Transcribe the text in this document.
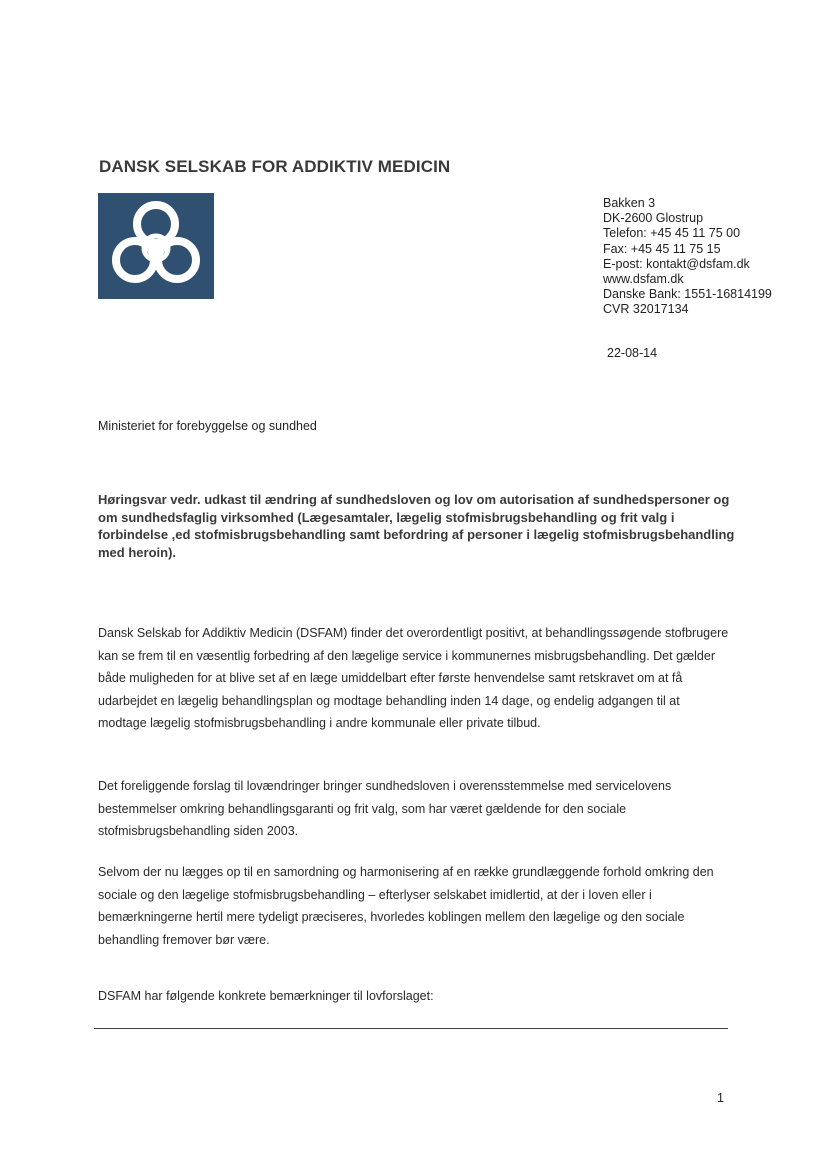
DANSK SELSKAB FOR ADDIKTIV MEDICIN
Bakken 3
DK-2600 Glostrup
Telefon: +45 45 11 75 00
Fax: +45 45 11 75 15
E-post: kontakt@dsfam.dk
www.dsfam.dk
Danske Bank: 1551-16814199
CVR 32017134
22-08-14
Ministeriet for forebyggelse og sundhed

Høringsvar vedr. udkast til ændring af sundhedsloven og lov om autorisation af sundhedspersoner og om sundhedsfaglig virksomhed (Lægesamtaler, lægelig stofmisbrugsbehandling og frit valg i forbindelse ,ed stofmisbrugsbehandling samt befordring af personer i lægelig stofmisbrugsbehandling med heroin).

Dansk Selskab for Addiktiv Medicin (DSFAM) finder det overordentligt positivt, at behandlingssøgende stofbrugere kan se frem til en væsentlig forbedring af den lægelige service i kommunernes misbrugsbehandling. Det gælder både muligheden for at blive set af en læge umiddelbart efter første henvendelse samt retskravet om at få udarbejdet en lægelig behandlingsplan og modtage behandling inden 14 dage, og endelig adgangen til at modtage lægelig stofmisbrugsbehandling i andre kommunale eller private tilbud.

Det foreliggende forslag til lovændringer bringer sundhedsloven i overensstemmelse med servicelovens bestemmelser omkring behandlingsgaranti og frit valg, som har været gældende for den sociale stofmisbrugsbehandling siden 2003.

Selvom der nu lægges op til en samordning og harmonisering af en række grundlæggende forhold omkring den sociale og den lægelige stofmisbrugsbehandling – efterlyser selskabet imidlertid, at der i loven eller i bemærkningerne hertil mere tydeligt præciseres, hvorledes koblingen mellem den lægelige og den sociale behandling fremover bør være.

DSFAM har følgende konkrete bemærkninger til lovforslaget:

1
